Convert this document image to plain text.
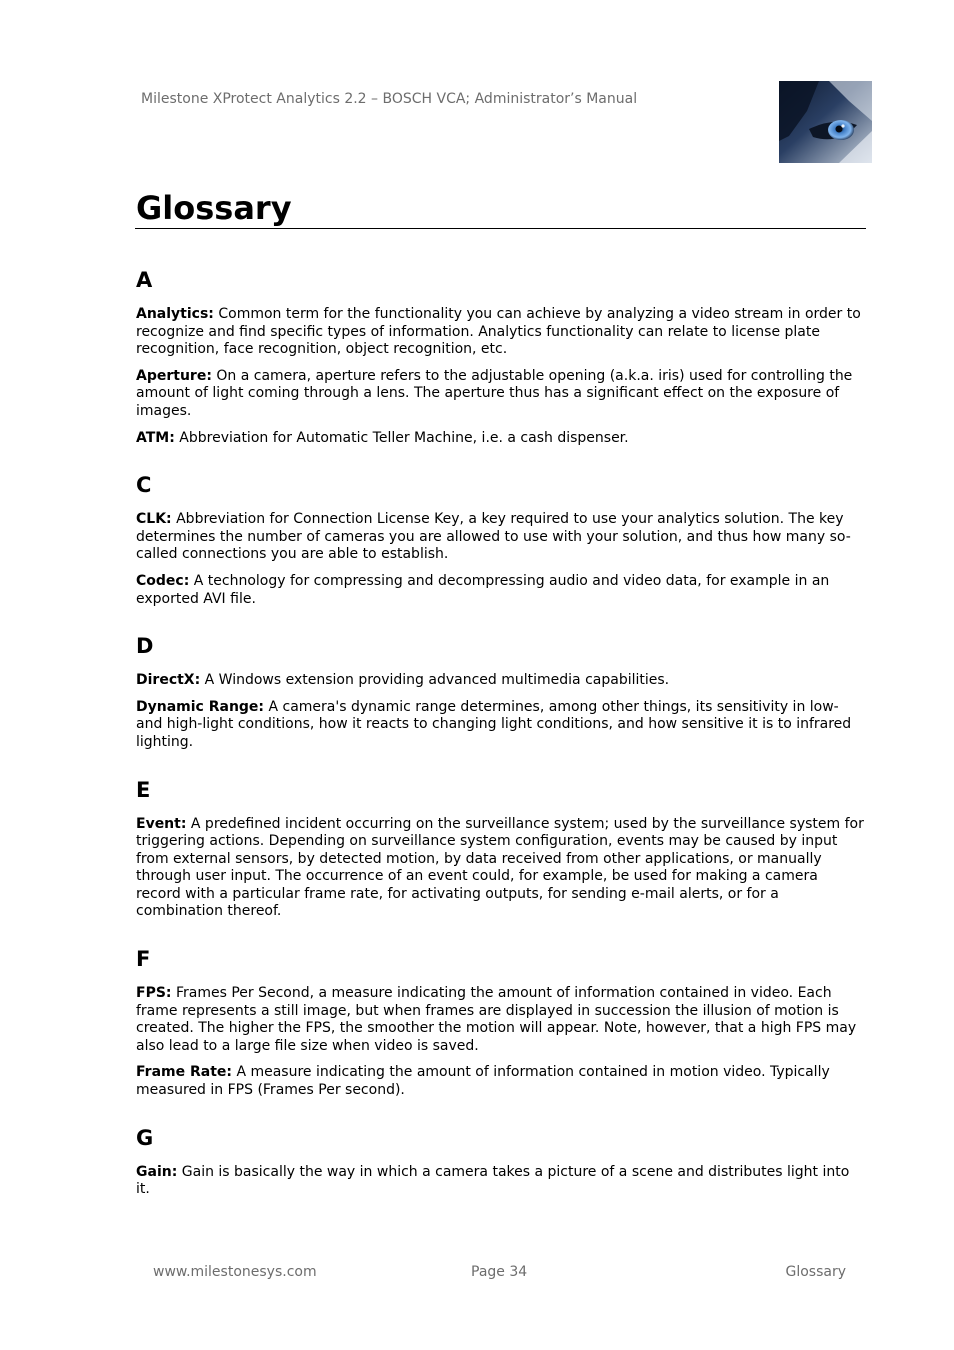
Milestone XProtect Analytics 2.2 – BOSCH VCA; Administrator’s Manual
Glossary
A

Analytics: Common term for the functionality you can achieve by analyzing a video stream in order to recognize and find specific types of information. Analytics functionality can relate to license plate recognition, face recognition, object recognition, etc.

Aperture: On a camera, aperture refers to the adjustable opening (a.k.a. iris) used for controlling the amount of light coming through a lens. The aperture thus has a significant effect on the exposure of images.

ATM: Abbreviation for Automatic Teller Machine, i.e. a cash dispenser.

C

CLK: Abbreviation for Connection License Key, a key required to use your analytics solution. The key determines the number of cameras you are allowed to use with your solution, and thus how many so-called connections you are able to establish.

Codec: A technology for compressing and decompressing audio and video data, for example in an exported AVI file.

D

DirectX: A Windows extension providing advanced multimedia capabilities.

Dynamic Range: A camera's dynamic range determines, among other things, its sensitivity in low- and high-light conditions, how it reacts to changing light conditions, and how sensitive it is to infrared lighting.

E

Event: A predefined incident occurring on the surveillance system; used by the surveillance system for triggering actions. Depending on surveillance system configuration, events may be caused by input from external sensors, by detected motion, by data received from other applications, or manually through user input. The occurrence of an event could, for example, be used for making a camera record with a particular frame rate, for activating outputs, for sending e-mail alerts, or for a combination thereof.

F

FPS: Frames Per Second, a measure indicating the amount of information contained in video. Each frame represents a still image, but when frames are displayed in succession the illusion of motion is created. The higher the FPS, the smoother the motion will appear. Note, however, that a high FPS may also lead to a large file size when video is saved.

Frame Rate: A measure indicating the amount of information contained in motion video. Typically measured in FPS (Frames Per second).

G

Gain: Gain is basically the way in which a camera takes a picture of a scene and distributes light into it.

www.milestonesys.com	Page 34	Glossary
